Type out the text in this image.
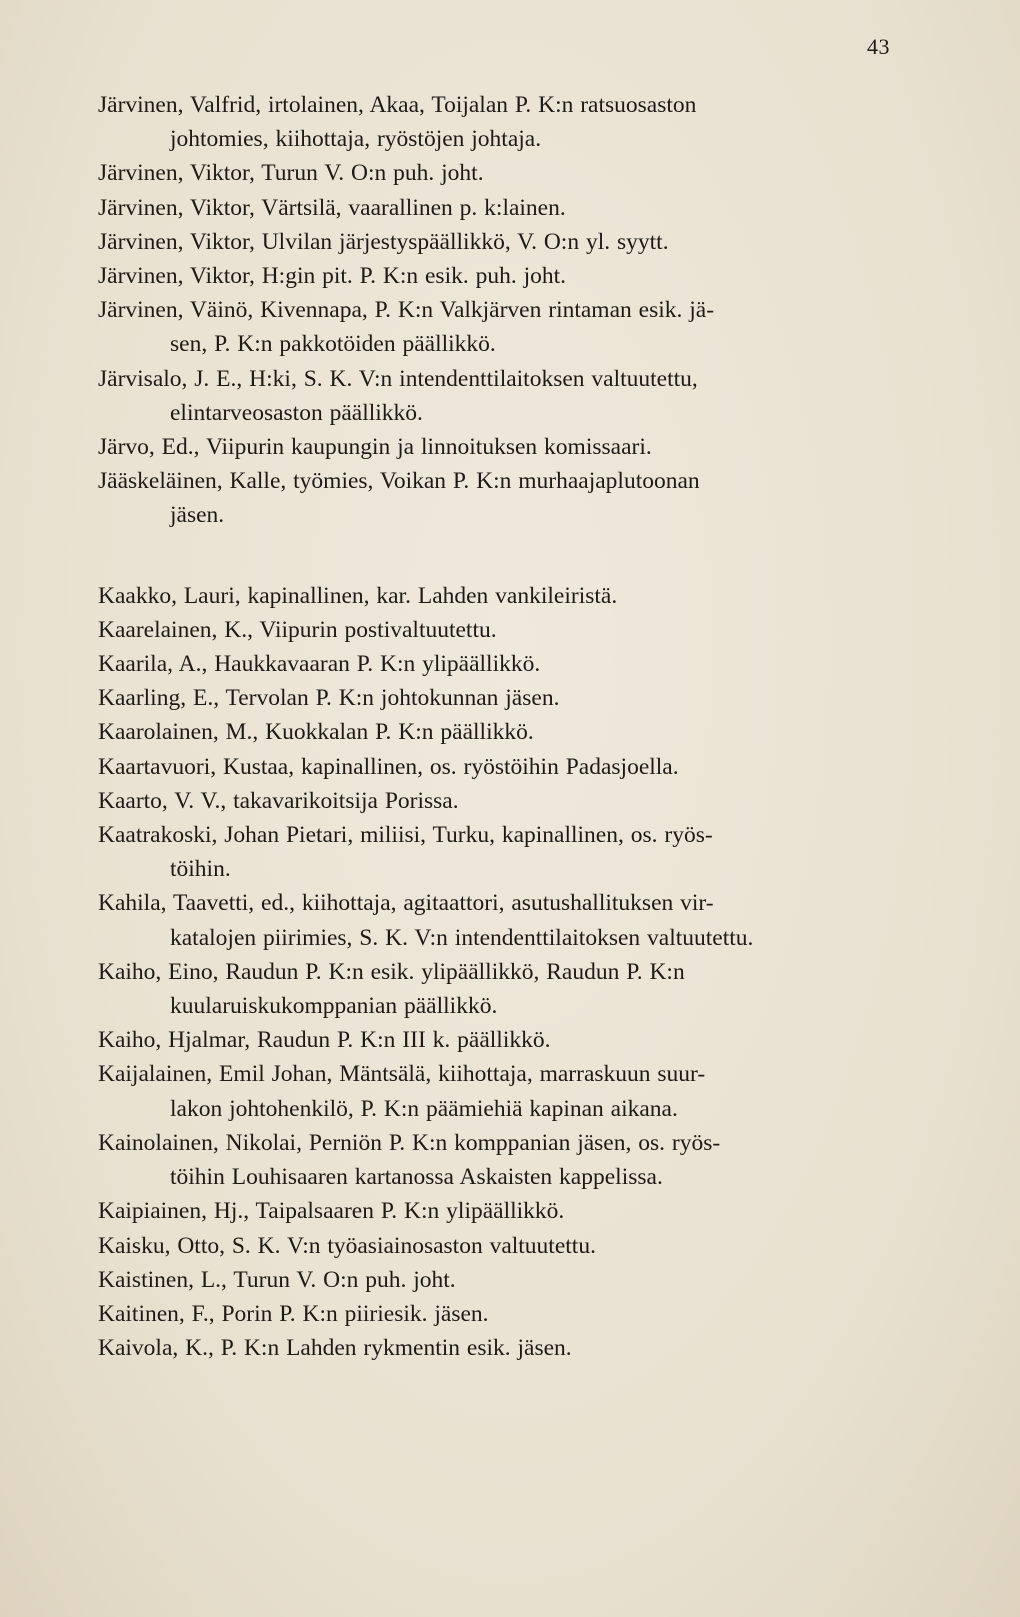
43
Järvinen, Valfrid, irtolainen, Akaa, Toijalan P. K:n ratsuosaston
johtomies, kiihottaja, ryöstöjen johtaja.
Järvinen, Viktor, Turun V. O:n puh. joht.
Järvinen, Viktor, Värtsilä, vaarallinen p. k:lainen.
Järvinen, Viktor, Ulvilan järjestyspäällikkö, V. O:n yl. syytt.
Järvinen, Viktor, H:gin pit. P. K:n esik. puh. joht.
Järvinen, Väinö, Kivennapa, P. K:n Valkjärven rintaman esik. jä-
sen, P. K:n pakkotöiden päällikkö.
Järvisalo, J. E., H:ki, S. K. V:n intendenttilaitoksen valtuutettu,
elintarveosaston päällikkö.
Järvo, Ed., Viipurin kaupungin ja linnoituksen komissaari.
Jääskeläinen, Kalle, työmies, Voikan P. K:n murhaajaplutoonan
jäsen.
Kaakko, Lauri, kapinallinen, kar. Lahden vankileiristä.
Kaarelainen, K., Viipurin postivaltuutettu.
Kaarila, A., Haukkavaaran P. K:n ylipäällikkö.
Kaarling, E., Tervolan P. K:n johtokunnan jäsen.
Kaarolainen, M., Kuokkalan P. K:n päällikkö.
Kaartavuori, Kustaa, kapinallinen, os. ryöstöihin Padasjoella.
Kaarto, V. V., takavarikoitsija Porissa.
Kaatrakoski, Johan Pietari, miliisi, Turku, kapinallinen, os. ryös-
töihin.
Kahila, Taavetti, ed., kiihottaja, agitaattori, asutushallituksen vir-
katalojen piirimies, S. K. V:n intendenttilaitoksen valtuutettu.
Kaiho, Eino, Raudun P. K:n esik. ylipäällikkö, Raudun P. K:n
kuularuiskukomppanian päällikkö.
Kaiho, Hjalmar, Raudun P. K:n III k. päällikkö.
Kaijalainen, Emil Johan, Mäntsälä, kiihottaja, marraskuun suur-
lakon johtohenkilö, P. K:n päämiehiä kapinan aikana.
Kainolainen, Nikolai, Perniön P. K:n komppanian jäsen, os. ryös-
töihin Louhisaaren kartanossa Askaisten kappelissa.
Kaipiainen, Hj., Taipalsaaren P. K:n ylipäällikkö.
Kaisku, Otto, S. K. V:n työasiainosaston valtuutettu.
Kaistinen, L., Turun V. O:n puh. joht.
Kaitinen, F., Porin P. K:n piiriesik. jäsen.
Kaivola, K., P. K:n Lahden rykmentin esik. jäsen.
